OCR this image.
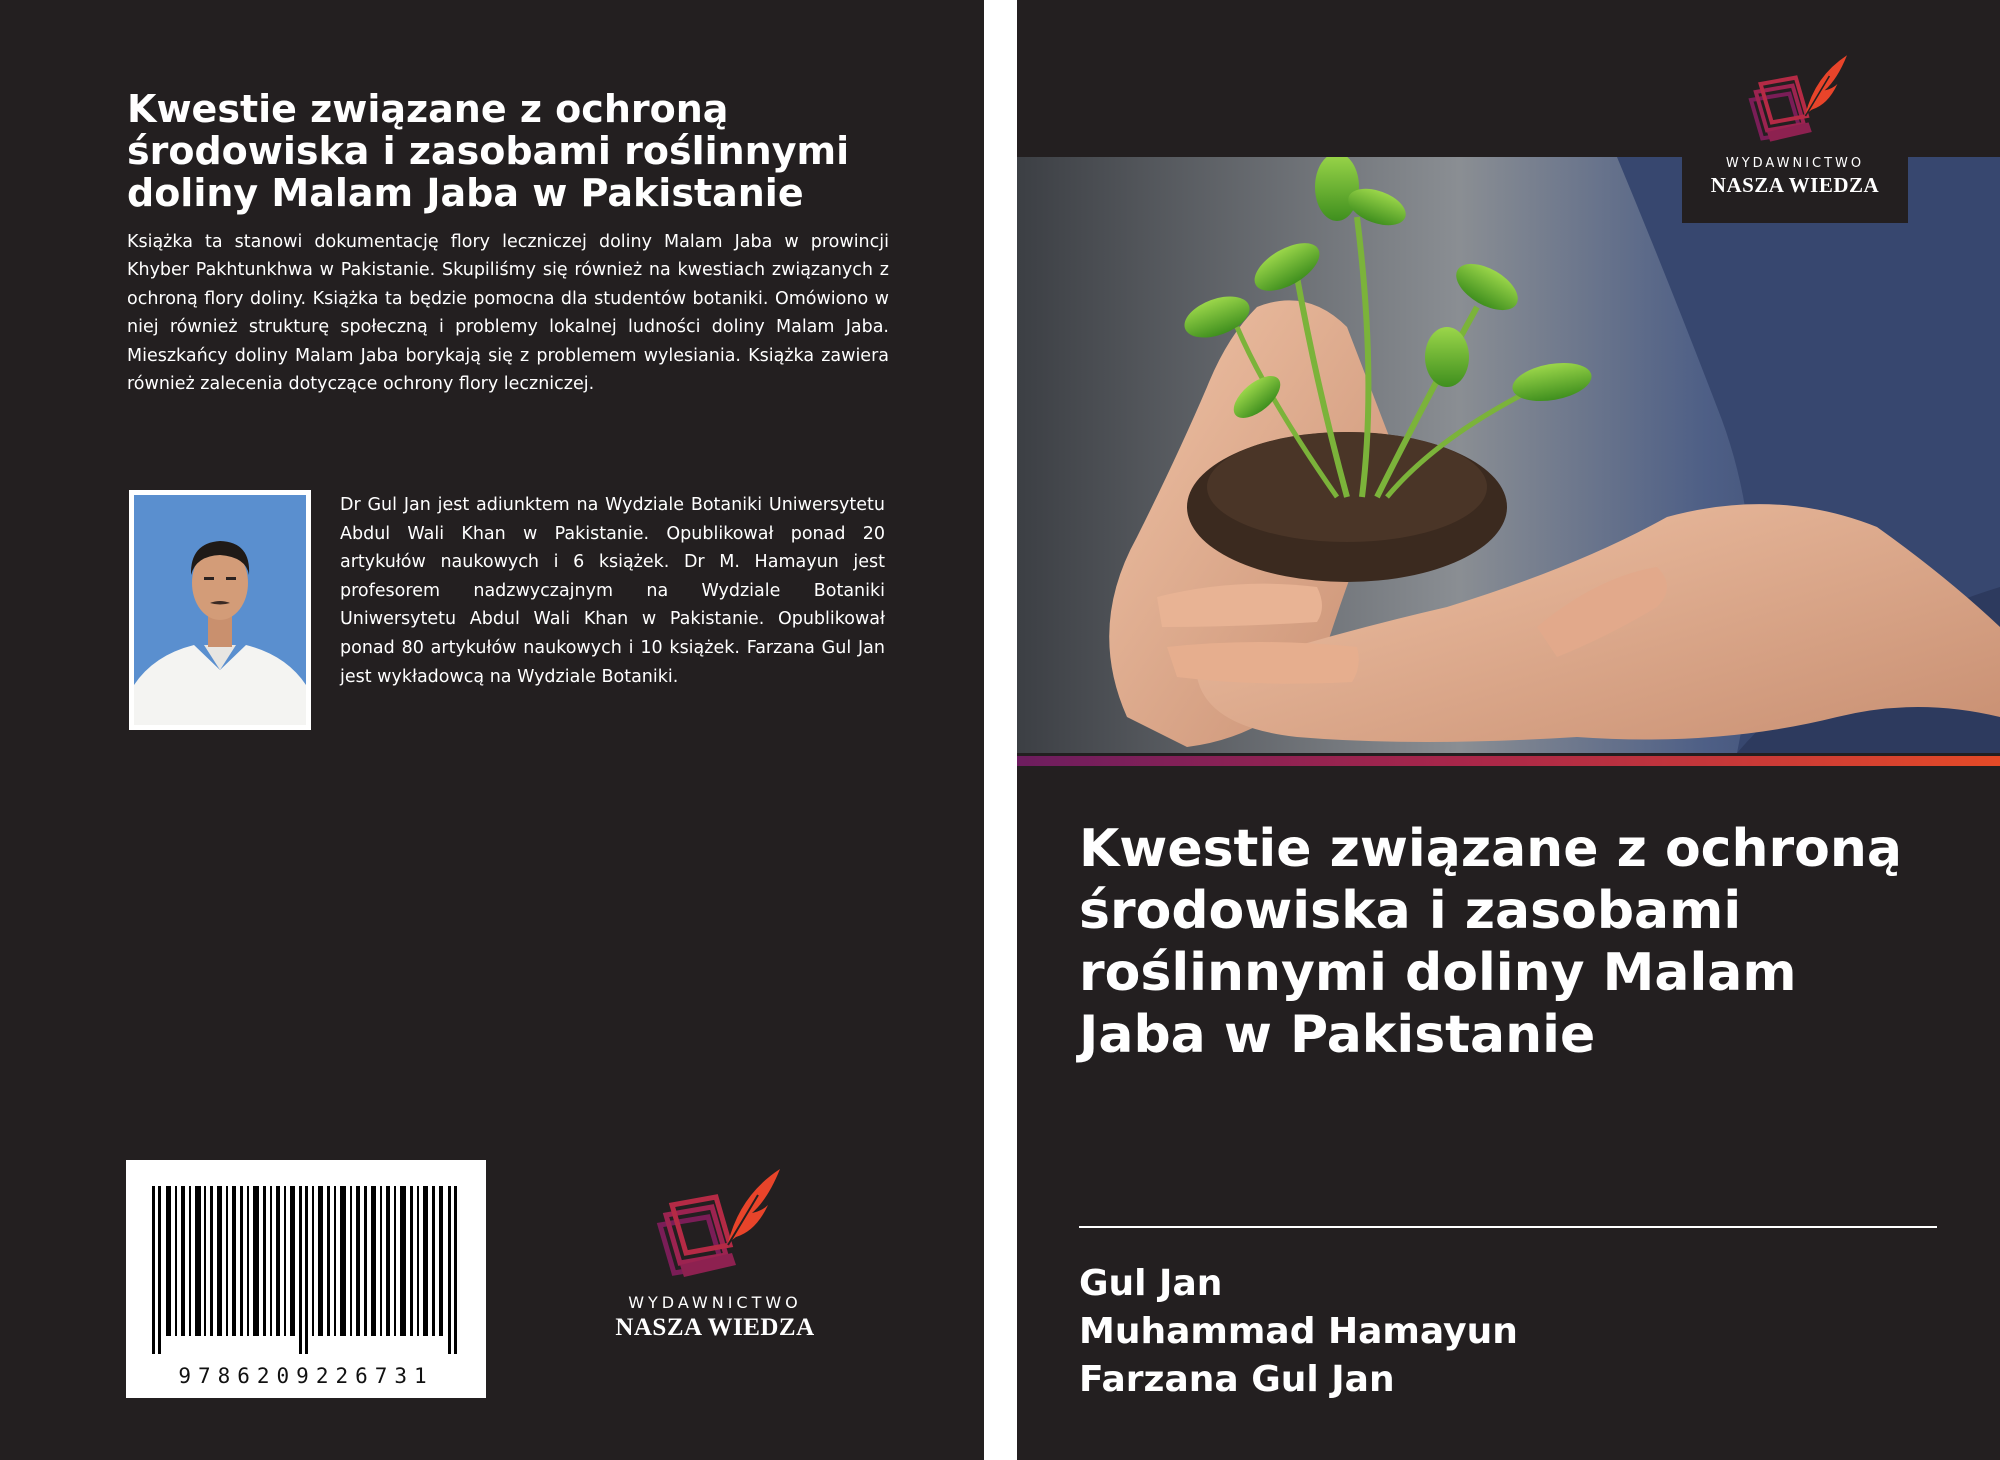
Kwestie związane z ochroną środowiska i zasobami roślinnymi doliny Malam Jaba w Pakistanie

Książka ta stanowi dokumentację flory leczniczej doliny Malam Jaba w prowincji Khyber Pakhtunkhwa w Pakistanie. Skupiliśmy się również na kwestiach związanych z ochroną flory doliny. Książka ta będzie pomocna dla studentów botaniki. Omówiono w niej również strukturę społeczną i problemy lokalnej ludności doliny Malam Jaba. Mieszkańcy doliny Malam Jaba borykają się z problemem wylesiania. Książka zawiera również zalecenia dotyczące ochrony flory leczniczej.

Dr Gul Jan jest adiunktem na Wydziale Botaniki Uniwersytetu Abdul Wali Khan w Pakistanie. Opublikował ponad 20 artykułów naukowych i 6 książek. Dr M. Hamayun jest profesorem nadzwyczajnym na Wydziale Botaniki Uniwersytetu Abdul Wali Khan w Pakistanie. Opublikował ponad 80 artykułów naukowych i 10 książek. Farzana Gul Jan jest wykładowcą na Wydziale Botaniki.

9786209226731
WYDAWNICTWO
NASZA WIEDZA
WYDAWNICTWO
NASZA WIEDZA
Kwestie związane z ochroną środowiska i zasobami roślinnymi doliny Malam Jaba w Pakistanie
Gul Jan
Muhammad Hamayun
Farzana Gul Jan
